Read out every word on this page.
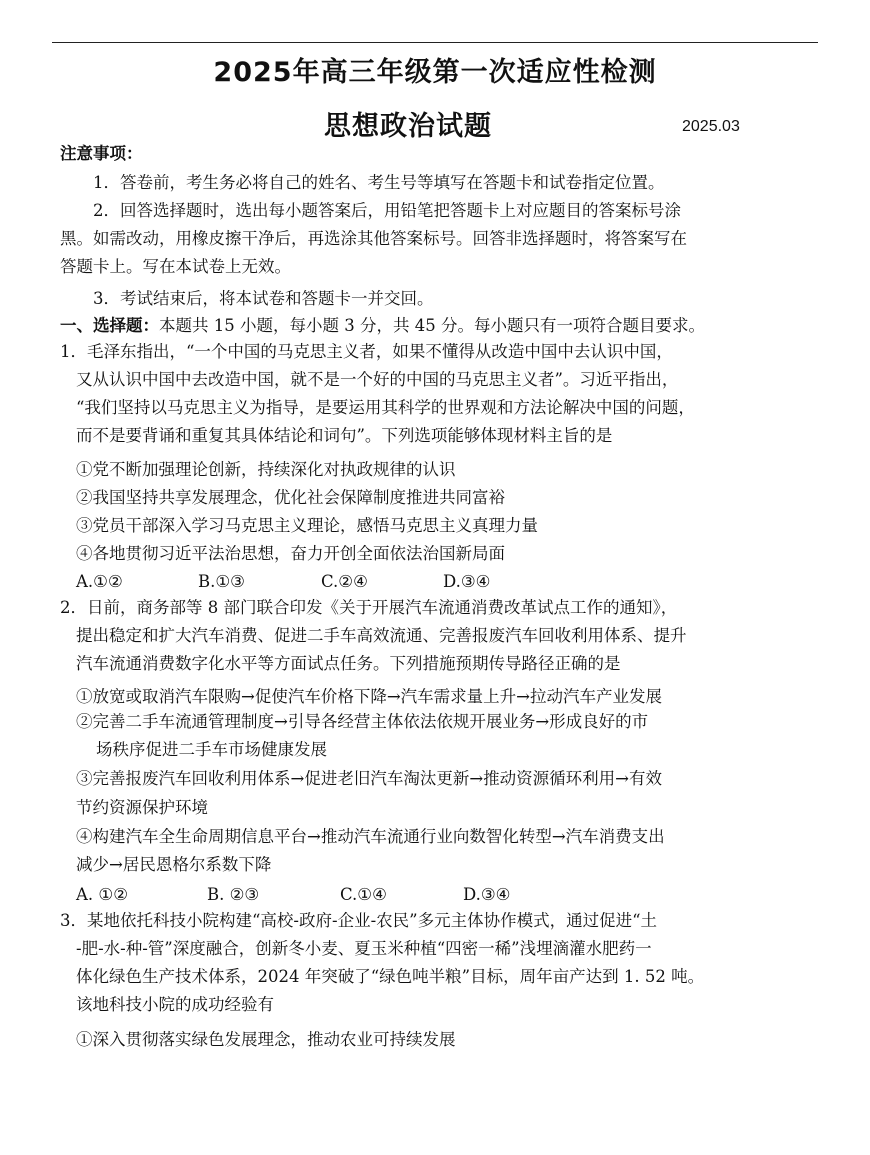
2025年高三年级第一次适应性检测
思想政治试题	2025.03
注意事项：
1．答卷前，考生务必将自己的姓名、考生号等填写在答题卡和试卷指定位置。
2．回答选择题时，选出每小题答案后，用铅笔把答题卡上对应题目的答案标号涂
黑。如需改动，用橡皮擦干净后，再选涂其他答案标号。回答非选择题时，将答案写在
答题卡上。写在本试卷上无效。
3．考试结束后，将本试卷和答题卡一并交回。
一、选择题：本题共 15 小题，每小题 3 分，共 45 分。每小题只有一项符合题目要求。
1．毛泽东指出，“一个中国的马克思主义者，如果不懂得从改造中国中去认识中国，
又从认识中国中去改造中国，就不是一个好的中国的马克思主义者”。习近平指出，
“我们坚持以马克思主义为指导，是要运用其科学的世界观和方法论解决中国的问题，
而不是要背诵和重复其具体结论和词句”。下列选项能够体现材料主旨的是
①党不断加强理论创新，持续深化对执政规律的认识
②我国坚持共享发展理念，优化社会保障制度推进共同富裕
③党员干部深入学习马克思主义理论，感悟马克思主义真理力量
④各地贯彻习近平法治思想，奋力开创全面依法治国新局面
A.①②	B.①③	C.②④	D.③④
2．日前，商务部等 8 部门联合印发《关于开展汽车流通消费改革试点工作的通知》，
提出稳定和扩大汽车消费、促进二手车高效流通、完善报废汽车回收利用体系、提升
汽车流通消费数字化水平等方面试点任务。下列措施预期传导路径正确的是
①放宽或取消汽车限购→促使汽车价格下降→汽车需求量上升→拉动汽车产业发展
②完善二手车流通管理制度→引导各经营主体依法依规开展业务→形成良好的市
场秩序促进二手车市场健康发展
③完善报废汽车回收利用体系→促进老旧汽车淘汰更新→推动资源循环利用→有效
节约资源保护环境
④构建汽车全生命周期信息平台→推动汽车流通行业向数智化转型→汽车消费支出
减少→居民恩格尔系数下降
A. ①②	B. ②③	C.①④	D.③④
3．某地依托科技小院构建“高校-政府-企业-农民”多元主体协作模式，通过促进“土
-肥-水-种-管”深度融合，创新冬小麦、夏玉米种植“四密一稀”浅埋滴灌水肥药一
体化绿色生产技术体系，2024 年突破了“绿色吨半粮”目标，周年亩产达到 1. 52 吨。
该地科技小院的成功经验有
①深入贯彻落实绿色发展理念，推动农业可持续发展
